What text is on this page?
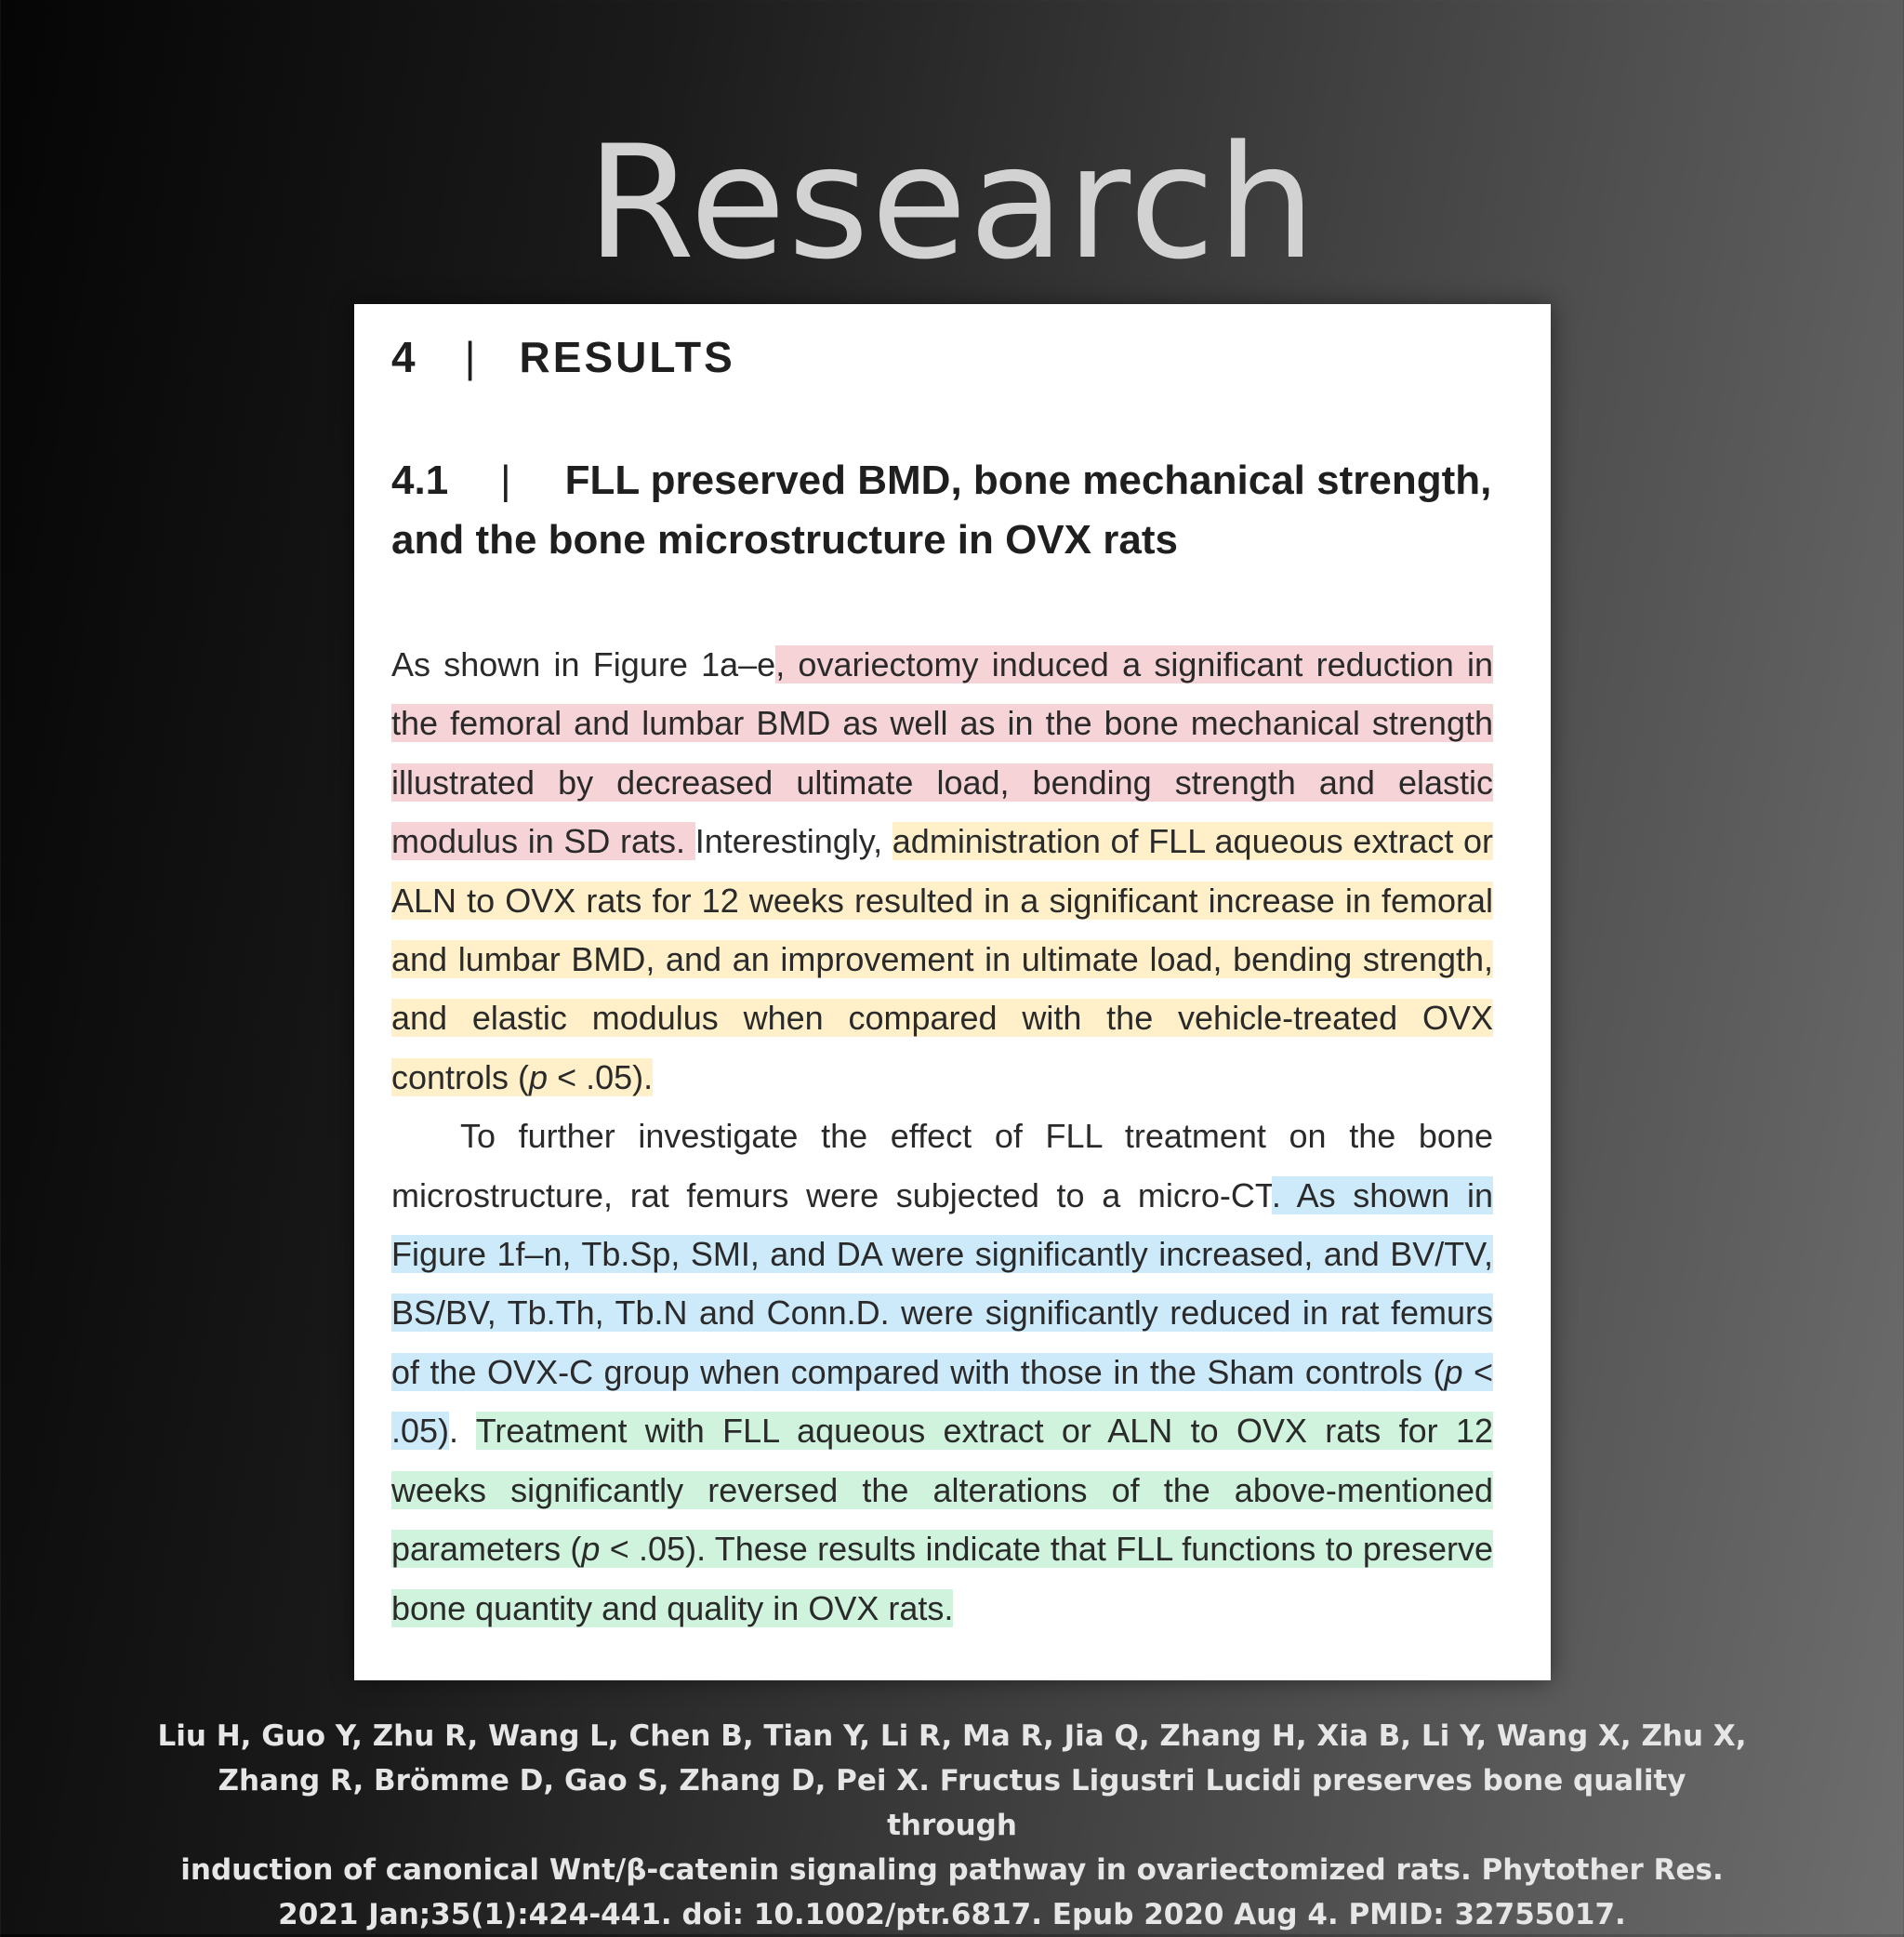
Research
4 | RESULTS
4.1 | FLL preserved BMD, bone mechanical strength, and the bone microstructure in OVX rats

As shown in Figure 1a–e, ovariectomy induced a significant reduction in the femoral and lumbar BMD as well as in the bone mechanical strength illustrated by decreased ultimate load, bending strength and elastic modulus in SD rats. Interestingly, administration of FLL aqueous extract or ALN to OVX rats for 12 weeks resulted in a significant increase in femoral and lumbar BMD, and an improvement in ultimate load, bending strength, and elastic modulus when compared with the vehicle-treated OVX controls (p < .05).

To further investigate the effect of FLL treatment on the bone microstructure, rat femurs were subjected to a micro-CT. As shown in Figure 1f–n, Tb.Sp, SMI, and DA were significantly increased, and BV/TV, BS/BV, Tb.Th, Tb.N and Conn.D. were significantly reduced in rat femurs of the OVX-C group when compared with those in the Sham controls (p < .05). Treatment with FLL aqueous extract or ALN to OVX rats for 12 weeks significantly reversed the alterations of the above-mentioned parameters (p < .05). These results indicate that FLL functions to preserve bone quantity and quality in OVX rats.

Liu H, Guo Y, Zhu R, Wang L, Chen B, Tian Y, Li R, Ma R, Jia Q, Zhang H, Xia B, Li Y, Wang X, Zhu X,
Zhang R, Brömme D, Gao S, Zhang D, Pei X. Fructus Ligustri Lucidi preserves bone quality through
induction of canonical Wnt/β-catenin signaling pathway in ovariectomized rats. Phytother Res.
2021 Jan;35(1):424-441. doi: 10.1002/ptr.6817. Epub 2020 Aug 4. PMID: 32755017.
